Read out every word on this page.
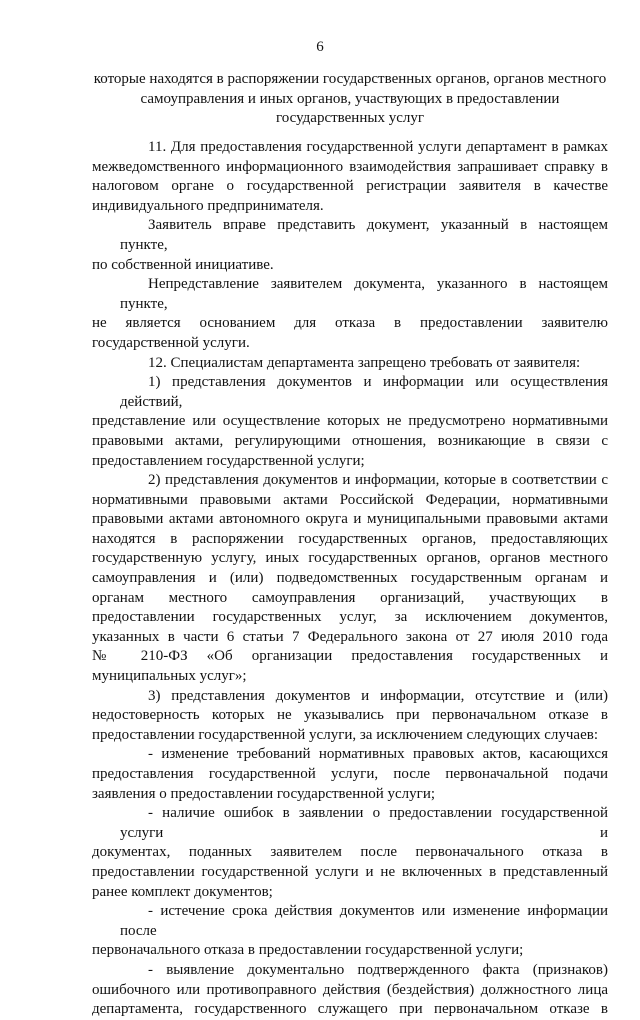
6
которые находятся в распоряжении государственных органов, органов местного
самоуправления и иных органов, участвующих в предоставлении
государственных услуг

11. Для предоставления государственной услуги департамент в рамках
межведомственного информационного взаимодействия запрашивает справку в
налоговом органе о государственной регистрации заявителя в качестве
индивидуального предпринимателя.

Заявитель вправе представить документ, указанный в настоящем пункте,
по собственной инициативе.

Непредставление заявителем документа, указанного в настоящем пункте,
не является основанием для отказа в предоставлении заявителю
государственной услуги.

12. Специалистам департамента запрещено требовать от заявителя:

1) представления документов и информации или осуществления действий,
представление или осуществление которых не предусмотрено нормативными
правовыми актами, регулирующими отношения, возникающие в связи с
предоставлением государственной услуги;

2) представления документов и информации, которые в соответствии с
нормативными правовыми актами Российской Федерации, нормативными
правовыми актами автономного округа и муниципальными правовыми актами
находятся в распоряжении государственных органов, предоставляющих
государственную услугу, иных государственных органов, органов местного
самоуправления и (или) подведомственных государственным органам и
органам местного самоуправления организаций, участвующих в
предоставлении государственных услуг, за исключением документов,
указанных в части 6 статьи 7 Федерального закона от 27 июля 2010 года
№ 210-ФЗ «Об организации предоставления государственных и
муниципальных услуг»;

3) представления документов и информации, отсутствие и (или)
недостоверность которых не указывались при первоначальном отказе в
предоставлении государственной услуги, за исключением следующих случаев:

- изменение требований нормативных правовых актов, касающихся
предоставления государственной услуги, после первоначальной подачи
заявления о предоставлении государственной услуги;

- наличие ошибок в заявлении о предоставлении государственной услуги и
документах, поданных заявителем после первоначального отказа в
предоставлении государственной услуги и не включенных в представленный
ранее комплект документов;

- истечение срока действия документов или изменение информации после
первоначального отказа в предоставлении государственной услуги;

- выявление документально подтвержденного факта (признаков)
ошибочного или противоправного действия (бездействия) должностного лица
департамента, государственного служащего при первоначальном отказе в
